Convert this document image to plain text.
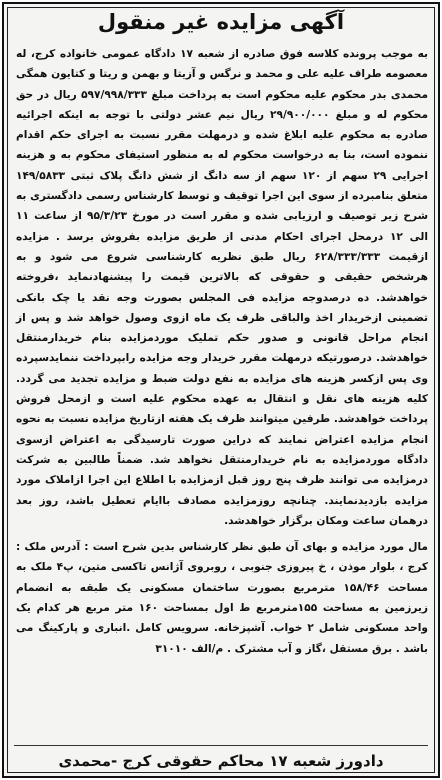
آگهی مزایده غیر منقول

به موجب پرونده کلاسه فوق صادره از شعبه ۱۷ دادگاه عمومی خانواده کرج، له معصومه طراف علیه علی و محمد و نرگس و آزیتا و بهمن و ریتا و کتایون همگی محمدی بدر محکوم علیه محکوم است به پرداخت مبلغ ۵۹۷/۹۹۸/۳۳۳ ریال در حق محکوم له و مبلغ ۲۹/۹۰۰/۰۰۰ ریال نیم عشر دولتی با توجه به اینکه اجرائیه صادره به محکوم علیه ابلاغ شده و درمهلت مقرر نسبت به اجرای حکم اقدام ننموده است، بنا به درخواست محکوم له به منظور استیفای محکوم به و هزینه اجرایی ۲۹ سهم از ۱۲۰ سهم از سه دانگ از شش دانگ پلاک ثبتی ۱۴۹/۵۸۳۳ متعلق بنامبرده از سوی این اجرا توقیف و توسط کارشناس رسمی دادگستری به شرح زیر توصیف و ارزیابی شده و مقرر است در مورخ ۹۵/۳/۲۳ از ساعت ۱۱ الی ۱۲ درمحل اجرای احکام مدنی از طریق مزایده بفروش برسد . مزایده ازقیمت ۶۲۸/۳۳۳/۳۳۳ ریال طبق نظریه کارشناسی شروع می شود و به هرشخص حقیقی و حقوقی که بالاترین قیمت را پیشنهادنماید ،فروخته خواهدشد. ده درصدوجه مزایده فی المجلس بصورت وجه نقد یا چک بانکی تضمینی ازخریدار اخذ والباقی ظرف یک ماه ازوی وصول خواهد شد و پس از انجام مراحل قانونی و صدور حکم تملیک موردمزایده بنام خریدارمنتقل خواهدشد. درصورتیکه درمهلت مقرر خریدار وجه مزایده رابپرداخت ننمایدسپرده وی پس ازکسر هزینه های مزایده به نفع دولت ضبط و مزایده تجدید می گردد. کلیه هزینه های نقل و انتقال به عهده محکوم علیه است و ازمحل فروش پرداخت خواهدشد. طرفین میتوانند ظرف یک هفته ازتاریخ مزایده نسبت به نحوه انجام مزایده اعتراض نمایند که دراین صورت تارسیدگی به اعتراض ازسوی دادگاه موردمزایده به نام خریدارمنتقل نخواهد شد. ضمناً طالبین به شرکت درمزایده می توانند ظرف پنج روز قبل ازمزایده با اطلاع این اجرا ازاملاک مورد مزایده بازدیدنمایند. چنانچه روزمزایده مصادف باایام تعطیل باشد، روز بعد درهمان ساعت ومکان برگزار خواهدشد.

مال مورد مزایده و بهای آن طبق نظر کارشناس بدین شرح است : آدرس ملک : کرج ، بلوار موذن ، خ پیروزی جنوبی ، روبروی آژانس تاکسی متین، پ۴ ملک به مساحت ۱۵۸/۴۶ مترمربع بصورت ساختمان مسکونی یک طبقه به انضمام زیرزمین به مساحت ۱۵۵مترمربع ط اول بمساحت ۱۶۰ متر مربع هر کدام یک واحد مسکونی شامل ۲ خواب. آشپزخانه. سرویس کامل .انباری و پارکینگ می باشد . برق مستقل ،گاز و آب مشترک . م/الف ۳۱۰۱۰

دادورز شعبه ۱۷ محاکم حقوقی کرج -محمدی
